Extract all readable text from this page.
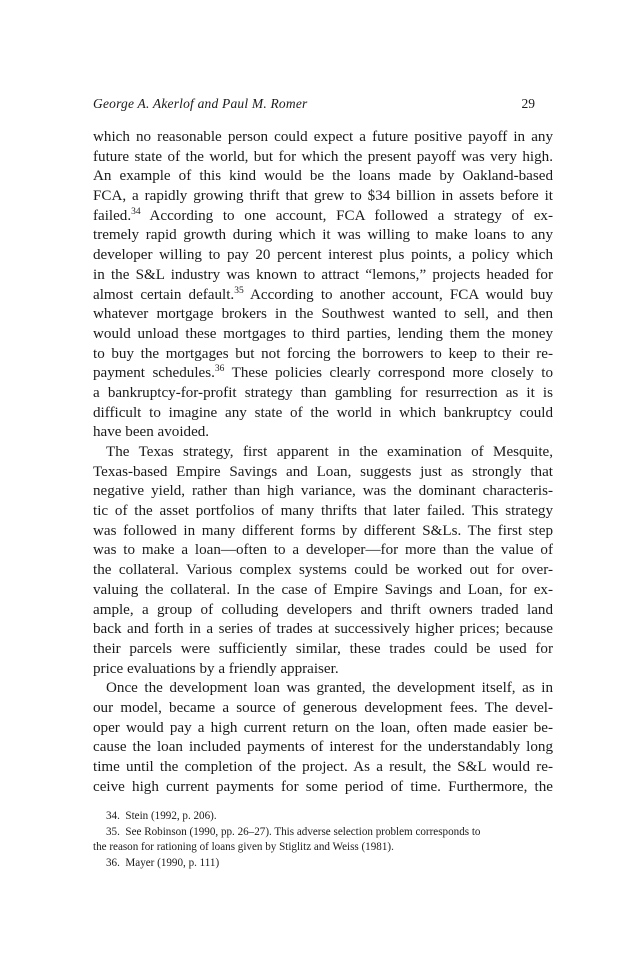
George A. Akerlof and Paul M. Romer	29
which no reasonable person could expect a future positive payoff in any
future state of the world, but for which the present payoff was very high.
An example of this kind would be the loans made by Oakland-based
FCA, a rapidly growing thrift that grew to $34 billion in assets before it
failed.$^{34}$ According to one account, FCA followed a strategy of ex-
tremely rapid growth during which it was willing to make loans to any
developer willing to pay 20 percent interest plus points, a policy which
in the S&L industry was known to attract “lemons,” projects headed for
almost certain default.$^{35}$ According to another account, FCA would buy
whatever mortgage brokers in the Southwest wanted to sell, and then
would unload these mortgages to third parties, lending them the money
to buy the mortgages but not forcing the borrowers to keep to their re-
payment schedules.$^{36}$ These policies clearly correspond more closely to
a bankruptcy-for-profit strategy than gambling for resurrection as it is
difficult to imagine any state of the world in which bankruptcy could
have been avoided.
The Texas strategy, first apparent in the examination of Mesquite,
Texas-based Empire Savings and Loan, suggests just as strongly that
negative yield, rather than high variance, was the dominant characteris-
tic of the asset portfolios of many thrifts that later failed. This strategy
was followed in many different forms by different S&Ls. The first step
was to make a loan—often to a developer—for more than the value of
the collateral. Various complex systems could be worked out for over-
valuing the collateral. In the case of Empire Savings and Loan, for ex-
ample, a group of colluding developers and thrift owners traded land
back and forth in a series of trades at successively higher prices; because
their parcels were sufficiently similar, these trades could be used for
price evaluations by a friendly appraiser.
Once the development loan was granted, the development itself, as in
our model, became a source of generous development fees. The devel-
oper would pay a high current return on the loan, often made easier be-
cause the loan included payments of interest for the understandably long
time until the completion of the project. As a result, the S&L would re-
ceive high current payments for some period of time. Furthermore, the
34.  Stein (1992, p. 206).
35.  See Robinson (1990, pp. 26–27). This adverse selection problem corresponds to
the reason for rationing of loans given by Stiglitz and Weiss (1981).
36.  Mayer (1990, p. 111)
